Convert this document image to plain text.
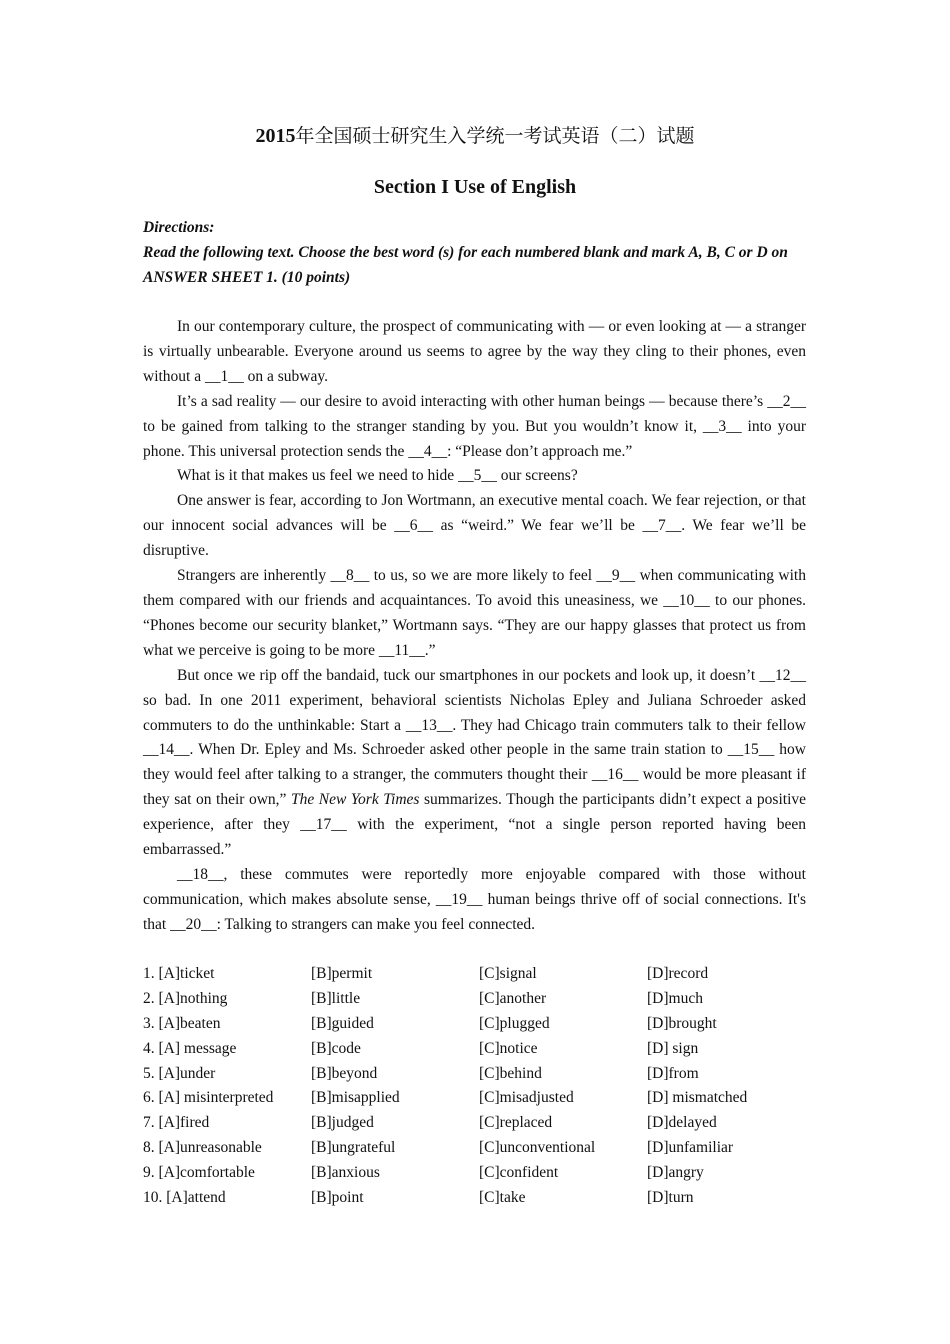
2015年全国硕士研究生入学统一考试英语（二）试题
Section I Use of English
Directions:
Read the following text. Choose the best word (s) for each numbered blank and mark A, B, C or D on ANSWER SHEET 1. (10 points)

In our contemporary culture, the prospect of communicating with — or even looking at — a stranger is virtually unbearable. Everyone around us seems to agree by the way they cling to their phones, even without a __1__ on a subway.

It’s a sad reality — our desire to avoid interacting with other human beings — because there’s __2__ to be gained from talking to the stranger standing by you. But you wouldn’t know it, __3__ into your phone. This universal protection sends the __4__: “Please don’t approach me.”

What is it that makes us feel we need to hide __5__ our screens?

One answer is fear, according to Jon Wortmann, an executive mental coach. We fear rejection, or that our innocent social advances will be __6__ as “weird.” We fear we’ll be __7__. We fear we’ll be disruptive.

Strangers are inherently __8__ to us, so we are more likely to feel __9__ when communicating with them compared with our friends and acquaintances. To avoid this uneasiness, we __10__ to our phones. “Phones become our security blanket,” Wortmann says. “They are our happy glasses that protect us from what we perceive is going to be more __11__.”

But once we rip off the bandaid, tuck our smartphones in our pockets and look up, it doesn’t __12__ so bad. In one 2011 experiment, behavioral scientists Nicholas Epley and Juliana Schroeder asked commuters to do the unthinkable: Start a __13__. They had Chicago train commuters talk to their fellow __14__. When Dr. Epley and Ms. Schroeder asked other people in the same train station to __15__ how they would feel after talking to a stranger, the commuters thought their __16__ would be more pleasant if they sat on their own,” The New York Times summarizes. Though the participants didn’t expect a positive experience, after they __17__ with the experiment, “not a single person reported having been embarrassed.”

__18__, these commutes were reportedly more enjoyable compared with those without communication, which makes absolute sense, __19__ human beings thrive off of social connections. It's that __20__: Talking to strangers can make you feel connected.

1. [A]ticket	[B]permit	[C]signal	[D]record
2. [A]nothing	[B]little	[C]another	[D]much
3. [A]beaten	[B]guided	[C]plugged	[D]brought
4. [A] message	[B]code	[C]notice	[D] sign
5. [A]under	[B]beyond	[C]behind	[D]from
6. [A] misinterpreted	[B]misapplied	[C]misadjusted	[D] mismatched
7. [A]fired	[B]judged	[C]replaced	[D]delayed
8. [A]unreasonable	[B]ungrateful	[C]unconventional	[D]unfamiliar
9. [A]comfortable	[B]anxious	[C]confident	[D]angry
10. [A]attend	[B]point	[C]take	[D]turn
